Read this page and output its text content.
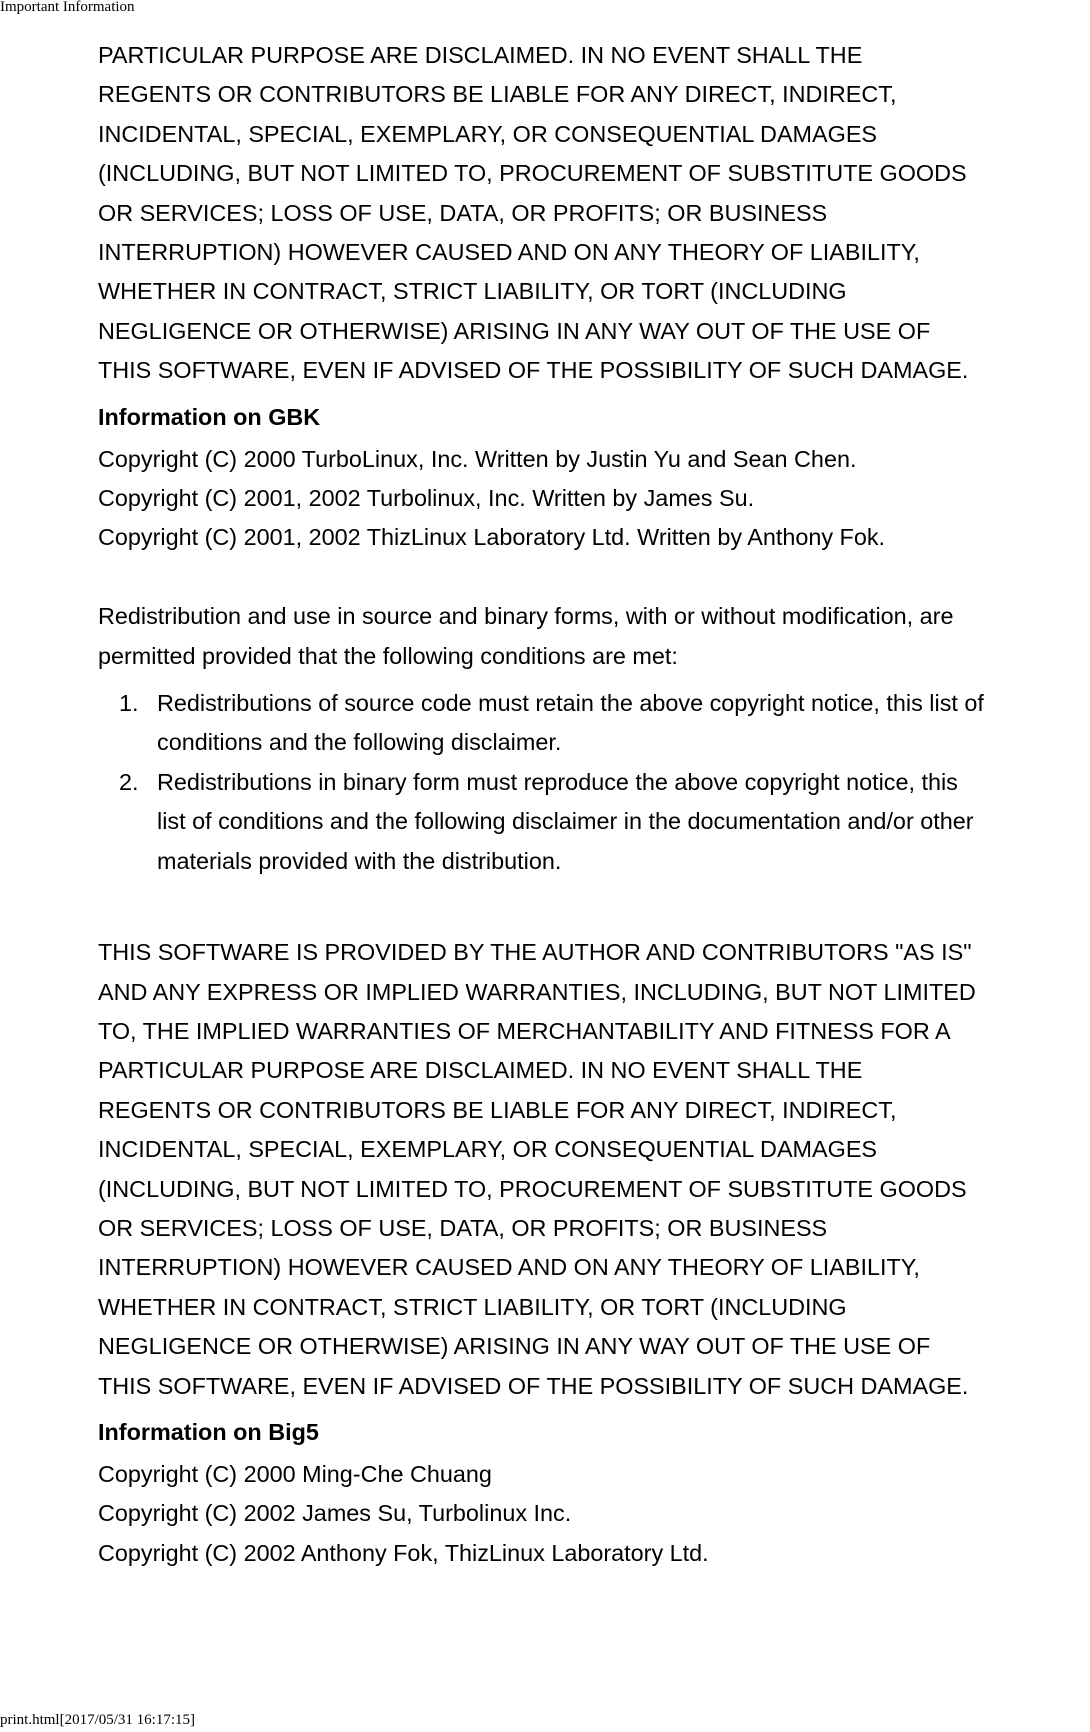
Important Information

PARTICULAR PURPOSE ARE DISCLAIMED. IN NO EVENT SHALL THE

REGENTS OR CONTRIBUTORS BE LIABLE FOR ANY DIRECT, INDIRECT,

INCIDENTAL, SPECIAL, EXEMPLARY, OR CONSEQUENTIAL DAMAGES

(INCLUDING, BUT NOT LIMITED TO, PROCUREMENT OF SUBSTITUTE GOODS

OR SERVICES; LOSS OF USE, DATA, OR PROFITS; OR BUSINESS

INTERRUPTION) HOWEVER CAUSED AND ON ANY THEORY OF LIABILITY,

WHETHER IN CONTRACT, STRICT LIABILITY, OR TORT (INCLUDING

NEGLIGENCE OR OTHERWISE) ARISING IN ANY WAY OUT OF THE USE OF

THIS SOFTWARE, EVEN IF ADVISED OF THE POSSIBILITY OF SUCH DAMAGE.

Information on GBK

Copyright (C) 2000 TurboLinux, Inc. Written by Justin Yu and Sean Chen.

Copyright (C) 2001, 2002 Turbolinux, Inc. Written by James Su.

Copyright (C) 2001, 2002 ThizLinux Laboratory Ltd. Written by Anthony Fok.

Redistribution and use in source and binary forms, with or without modification, are

permitted provided that the following conditions are met:

1. Redistributions of source code must retain the above copyright notice, this list of

conditions and the following disclaimer.

2. Redistributions in binary form must reproduce the above copyright notice, this

list of conditions and the following disclaimer in the documentation and/or other

materials provided with the distribution.

THIS SOFTWARE IS PROVIDED BY THE AUTHOR AND CONTRIBUTORS "AS IS"

AND ANY EXPRESS OR IMPLIED WARRANTIES, INCLUDING, BUT NOT LIMITED

TO, THE IMPLIED WARRANTIES OF MERCHANTABILITY AND FITNESS FOR A

PARTICULAR PURPOSE ARE DISCLAIMED. IN NO EVENT SHALL THE

REGENTS OR CONTRIBUTORS BE LIABLE FOR ANY DIRECT, INDIRECT,

INCIDENTAL, SPECIAL, EXEMPLARY, OR CONSEQUENTIAL DAMAGES

(INCLUDING, BUT NOT LIMITED TO, PROCUREMENT OF SUBSTITUTE GOODS

OR SERVICES; LOSS OF USE, DATA, OR PROFITS; OR BUSINESS

INTERRUPTION) HOWEVER CAUSED AND ON ANY THEORY OF LIABILITY,

WHETHER IN CONTRACT, STRICT LIABILITY, OR TORT (INCLUDING

NEGLIGENCE OR OTHERWISE) ARISING IN ANY WAY OUT OF THE USE OF

THIS SOFTWARE, EVEN IF ADVISED OF THE POSSIBILITY OF SUCH DAMAGE.

Information on Big5

Copyright (C) 2000 Ming-Che Chuang

Copyright (C) 2002 James Su, Turbolinux Inc.

Copyright (C) 2002 Anthony Fok, ThizLinux Laboratory Ltd.

print.html[2017/05/31 16:17:15]
